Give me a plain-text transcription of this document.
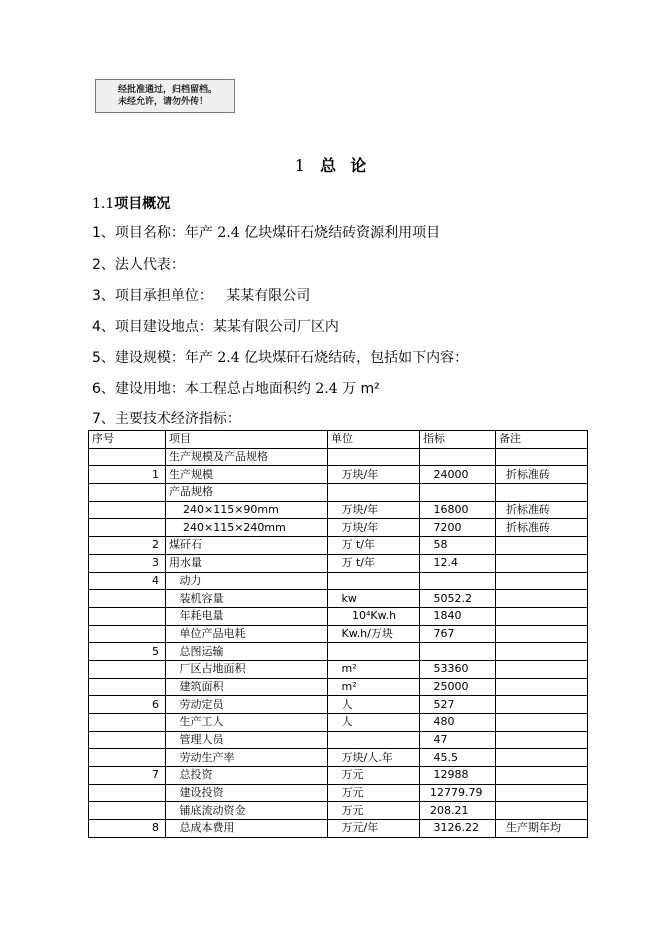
经批准通过，归档留档。
未经允许，请勿外传！
1 总  论
1.1项目概况
1、项目名称：年产 2.4 亿块煤矸石烧结砖资源利用项目
2、法人代表：
3、项目承担单位：   某某有限公司
4、项目建设地点：某某有限公司厂区内
5、建设规模：年产 2.4 亿块煤矸石烧结砖，包括如下内容：
6、建设用地：本工程总占地面积约 2.4 万 m²
7、主要技术经济指标：
序号	项目	单位	指标	备注
	生产规模及产品规格			
1	生产规模	万块/年	24000	折标准砖
	产品规格			
	240×115×90mm	万块/年	16800	折标准砖
	240×115×240mm	万块/年	7200	折标准砖
2	煤矸石	万 t/年	58	
3	用水量	万 t/年	12.4	
4	动力			
	装机容量	kw	5052.2	
	年耗电量	10⁴Kw.h	1840	
	单位产品电耗	Kw.h/万块	767	
5	总图运输			
	厂区占地面积	m²	53360	
	建筑面积	m²	25000	
6	劳动定员	人	527	
	生产工人	人	480	
	管理人员		47	
	劳动生产率	万块/人.年	45.5	
7	总投资	万元	12988	
	建设投资	万元	12779.79	
	铺底流动资金	万元	208.21	
8	总成本费用	万元/年	3126.22	生产期年均
